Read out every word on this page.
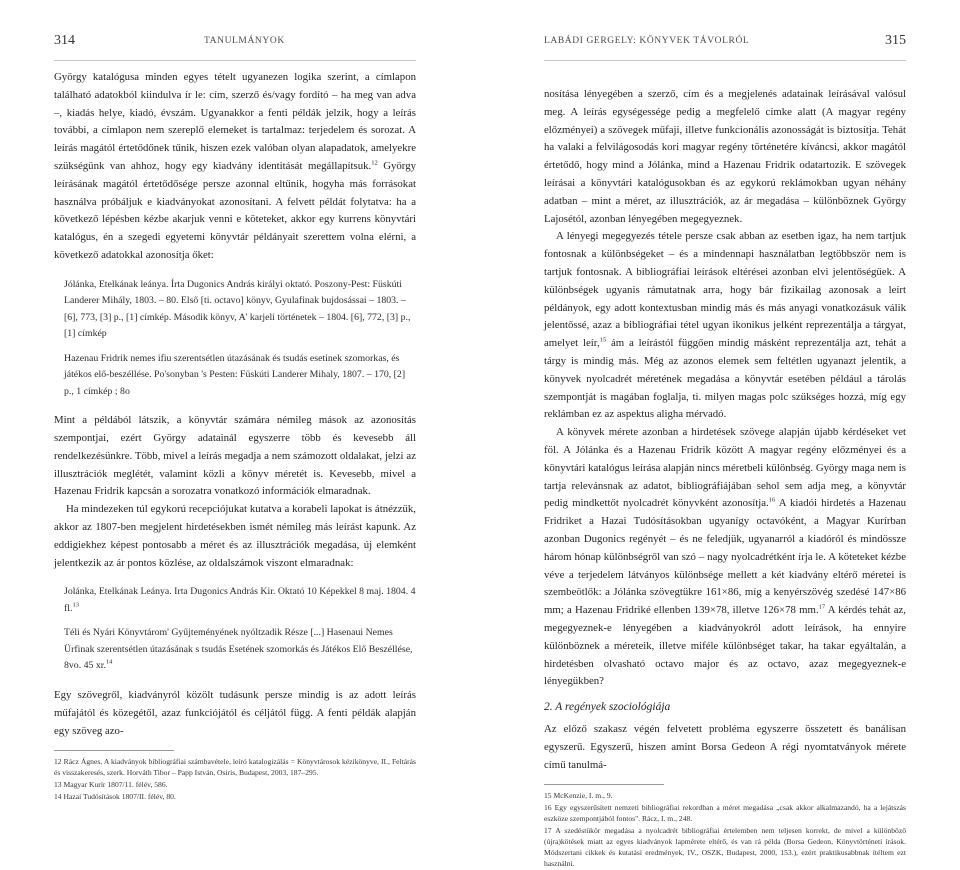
314	TANULMÁNYOK

György katalógusa minden egyes tételt ugyanezen logika szerint, a címlapon található adatokból kiindulva ír le: cím, szerző és/vagy fordító – ha meg van adva –, kiadás helye, kiadó, évszám. Ugyanakkor a fenti példák jelzik, hogy a leírás további, a címlapon nem szereplő elemeket is tartalmaz: terjedelem és sorozat. A leírás magától értetődőnek tűnik, hiszen ezek valóban olyan alapadatok, amelyekre szükségünk van ahhoz, hogy egy kiadvány identitását megállapítsuk.$^{12}$ György leírásának magától értetődősége persze azonnal eltűnik, hogyha más forrásokat használva próbáljuk e kiadványokat azonosítani. A felvett példát folytatva: ha a következő lépésben kézbe akarjuk venni e köteteket, akkor egy kurrens könyvtári katalógus, én a szegedi egyetemi könyvtár példányait szerettem volna elérni, a következő adatokkal azonosítja őket:

Jólánka, Etelkának leánya. Írta Dugonics András királyi oktató. Poszony-Pest: Füskúti Landerer Mihály, 1803. – 80. Első [ti. octavo] könyv, Gyulafinak bujdosássai – 1803. – [6], 773, [3] p., [1] címkép. Második könyv, A' karjeli történetek – 1804. [6], 772, [3] p., [1] címkép

Hazenau Fridrik nemes ifiu szerentsétlen útazásának és tsudás esetinek szomorkas, és játékos elő-beszéllése. Po'sonyban 's Pesten: Füskúti Landerer Mihaly, 1807. – 170, [2] p., 1 címkép ; 8o

Mint a példából látszik, a könyvtár számára némileg mások az azonosítás szempontjai, ezért György adatainál egyszerre több és kevesebb áll rendelkezésünkre. Több, mivel a leírás megadja a nem számozott oldalakat, jelzi az illusztrációk meglétét, valamint közli a könyv méretét is. Kevesebb, mivel a Hazenau Fridrik kapcsán a sorozatra vonatkozó információk elmaradnak.

Ha mindezeken túl egykorú recepciójukat kutatva a korabeli lapokat is átnézzük, akkor az 1807-ben megjelent hirdetésekben ismét némileg más leírást kapunk. Az eddigiekhez képest pontosabb a méret és az illusztrációk megadása, új elemként jelentkezik az ár pontos közlése, az oldalszámok viszont elmaradnak:

Jolánka, Etelkának Leánya. Irta Dugonics András Kir. Oktató 10 Képekkel 8 maj. 1804. 4 fl.$^{13}$

Téli és Nyári Könyvtárom' Gyűjteményének nyóltzadik Része [...] Hasenaui Nemes Ürfinak szerentsétlen útazásának s tsudás Esetének szomorkás és Játékos Elő Beszéllése, 8vo. 45 xr.$^{14}$

Egy szövegről, kiadványról közölt tudásunk persze mindig is az adott leírás műfajától és közegétől, azaz funkciójától és céljától függ. A fenti példák alapján egy szöveg azo-

12 Rácz Ágnes, A kiadványok bibliográfiai számbavétele, leíró katalogizálás = Könyvtárosok kézikönyve, II., Feltárás és visszakeresés, szerk. Horváth Tibor – Papp István, Osiris, Budapest, 2003, 187–295.

13 Magyar Kurír 1807/11. félév, 586.

14 Hazai Tudósítások 1807/II. félév, 80.

LABÁDI GERGELY: KÖNYVEK TÁVOLRÓL	315

nosítása lényegében a szerző, cím és a megjelenés adatainak leírásával valósul meg. A leírás egységessége pedig a megfelelő címke alatt (A magyar regény előzményei) a szövegek műfaji, illetve funkcionális azonosságát is biztosítja. Tehát ha valaki a felvilágosodás kori magyar regény történetére kíváncsi, akkor magától értetődő, hogy mind a Jólánka, mind a Hazenau Fridrik odatartozik. E szövegek leírásai a könyvtári katalógusokban és az egykorú reklámokban ugyan néhány adatban – mint a méret, az illusztrációk, az ár megadása – különböznek György Lajosétól, azonban lényegében megegyeznek.

A lényegi megegyezés tétele persze csak abban az esetben igaz, ha nem tartjuk fontosnak a különbségeket – és a mindennapi használatban legtöbbször nem is tartjuk fontosnak. A bibliográfiai leírások eltérései azonban elvi jelentőségűek. A különbségek ugyanis rámutatnak arra, hogy bár fizikailag azonosak a leírt példányok, egy adott kontextusban mindig más és más anyagi vonatkozásuk válik jelentőssé, azaz a bibliográfiai tétel ugyan ikonikus jelként reprezentálja a tárgyat, amelyet leír,$^{15}$ ám a leírástól függően mindig másként reprezentálja azt, tehát a tárgy is mindig más. Még az azonos elemek sem feltétlen ugyanazt jelentik, a könyvek nyolcadrét méretének megadása a könyvtár esetében például a tárolás szempontját is magában foglalja, ti. milyen magas polc szükséges hozzá, míg egy reklámban ez az aspektus aligha mérvadó.

A könyvek mérete azonban a hirdetések szövege alapján újabb kérdéseket vet föl. A Jólánka és a Hazenau Fridrik között A magyar regény előzményei és a könyvtári katalógus leírása alapján nincs méretbeli különbség. György maga nem is tartja relevánsnak az adatot, bibliográfiájában sehol sem adja meg, a könyvtár pedig mindkettőt nyolcadrét könyvként azonosítja.$^{16}$ A kiadói hirdetés a Hazenau Fridriket a Hazai Tudósításokban ugyanígy octavóként, a Magyar Kurírban azonban Dugonics regényét – és ne feledjük, ugyanarról a kiadóról és mindössze három hónap különbségről van szó – nagy nyolcadrétként írja le. A köteteket kézbe véve a terjedelem látványos különbsége mellett a két kiadvány eltérő méretei is szembeötlők: a Jólánka szövegtükre 161×86, míg a kenyérszövég szedésé 147×86 mm; a Hazenau Fridriké ellenben 139×78, illetve 126×78 mm.$^{17}$ A kérdés tehát az, megegyeznek-e lényegében a kiadványokról adott leírások, ha ennyire különböznek a méreteik, illetve miféle különbséget takar, ha takar egyáltalán, a hirdetésben olvasható octavo major és az octavo, azaz megegyeznek-e lényegükben?

2. A regények szociológiája

Az előző szakasz végén felvetett probléma egyszerre összetett és banálisan egyszerű. Egyszerű, hiszen amint Borsa Gedeon A régi nyomtatványok mérete című tanulmá-

15 McKenzie, I. m., 9.

16 Egy egyszerűsített nemzeti bibliográfiai rekordban a méret megadása „csak akkor alkalmazandó, ha a lejátszás eszköze szempontjából fontos". Rácz, I. m., 248.

17 A szedéstükör megadása a nyolcadrét bibliográfiai értelemben nem teljesen korrekt, de mivel a különböző (újra)kötések miatt az egyes kiadványok lapmérete eltérő, és van rá példa (Borsa Gedeon, Könyvtörténeti írások. Módszertani cikkek és kutatási eredmények, IV., OSZK, Budapest, 2000, 153.), ezért praktikusabbnak ítéltem ezt használni.
